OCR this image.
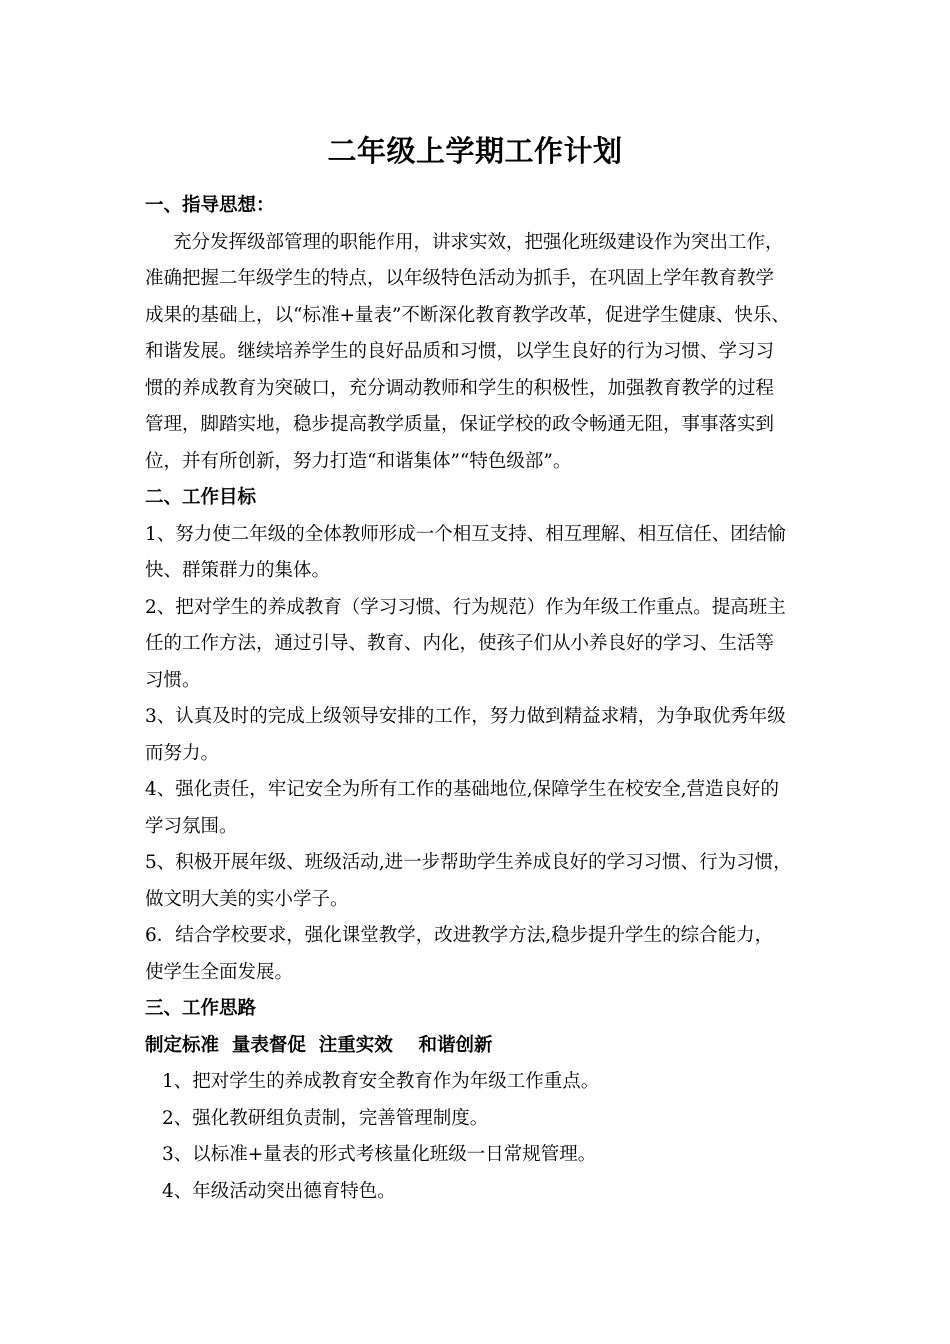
二年级上学期工作计划
一、指导思想：
充分发挥级部管理的职能作用，讲求实效，把强化班级建设作为突出工作，
准确把握二年级学生的特点，以年级特色活动为抓手，在巩固上学年教育教学
成果的基础上，以“标准+量表”不断深化教育教学改革，促进学生健康、快乐、
和谐发展。继续培养学生的良好品质和习惯，以学生良好的行为习惯、学习习
惯的养成教育为突破口，充分调动教师和学生的积极性，加强教育教学的过程
管理，脚踏实地，稳步提高教学质量，保证学校的政令畅通无阻，事事落实到
位，并有所创新，努力打造“和谐集体”“特色级部”。
二、工作目标
1、努力使二年级的全体教师形成一个相互支持、相互理解、相互信任、团结愉
快、群策群力的集体。
2、把对学生的养成教育（学习习惯、行为规范）作为年级工作重点。提高班主
任的工作方法，通过引导、教育、内化，使孩子们从小养良好的学习、生活等
习惯。
3、认真及时的完成上级领导安排的工作，努力做到精益求精，为争取优秀年级
而努力。
4、强化责任，牢记安全为所有工作的基础地位,保障学生在校安全,营造良好的
学习氛围。
5、积极开展年级、班级活动,进一步帮助学生养成良好的学习习惯、行为习惯，
做文明大美的实小学子。
6．结合学校要求，强化课堂教学，改进教学方法,稳步提升学生的综合能力，
使学生全面发展。
三、工作思路
制定标准  量表督促  注重实效    和谐创新
1、把对学生的养成教育安全教育作为年级工作重点。
2、强化教研组负责制，完善管理制度。
3、以标准+量表的形式考核量化班级一日常规管理。
4、年级活动突出德育特色。
